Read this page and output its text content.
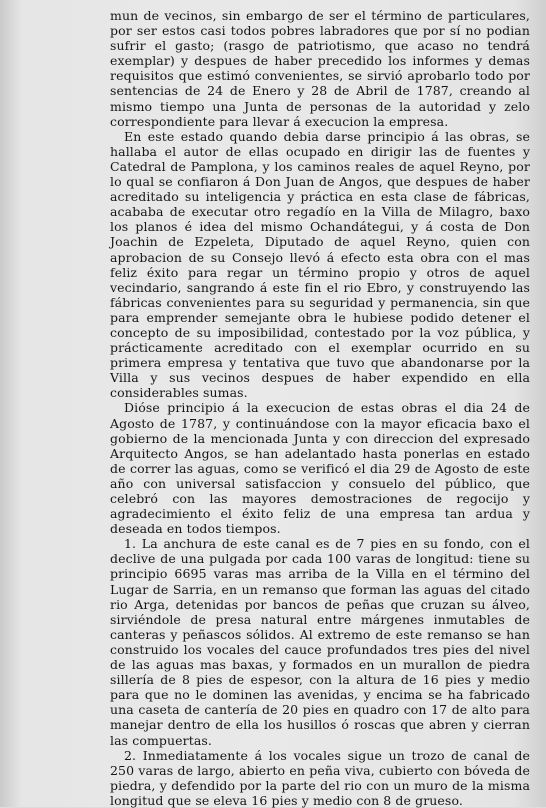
mun de vecinos, sin embargo de ser el término de particulares, por ser estos casi todos pobres labradores que por sí no podian sufrir el gasto; (rasgo de patriotismo, que acaso no tendrá exemplar) y despues de haber precedido los informes y demas requisitos que estimó convenientes, se sirvió aprobarlo todo por sentencias de 24 de Enero y 28 de Abril de 1787, creando al mismo tiempo una Junta de personas de la autoridad y zelo correspondiente para llevar á execucion la empresa.

En este estado quando debia darse principio á las obras, se hallaba el autor de ellas ocupado en dirigir las de fuentes y Catedral de Pamplona, y los caminos reales de aquel Reyno, por lo qual se confiaron á Don Juan de Angos, que despues de haber acreditado su inteligencia y práctica en esta clase de fábricas, acababa de executar otro regadío en la Villa de Milagro, baxo los planos é idea del mismo Ochandátegui, y á costa de Don Joachin de Ezpeleta, Diputado de aquel Reyno, quien con aprobacion de su Consejo llevó á efecto esta obra con el mas feliz éxito para regar un término propio y otros de aquel vecindario, sangrando á este fin el rio Ebro, y construyendo las fábricas convenientes para su seguridad y permanencia, sin que para emprender semejante obra le hubiese podido detener el concepto de su imposibilidad, contestado por la voz pública, y prácticamente acreditado con el exemplar ocurrido en su primera empresa y tentativa que tuvo que abandonarse por la Villa y sus vecinos despues de haber expendido en ella considerables sumas.

Dióse principio á la execucion de estas obras el dia 24 de Agosto de 1787, y continuándose con la mayor eficacia baxo el gobierno de la mencionada Junta y con direccion del expresado Arquitecto Angos, se han adelantado hasta ponerlas en estado de correr las aguas, como se verificó el dia 29 de Agosto de este año con universal satisfaccion y consuelo del público, que celebró con las mayores demostraciones de regocijo y agradecimiento el éxito feliz de una empresa tan ardua y deseada en todos tiempos.

1. La anchura de este canal es de 7 pies en su fondo, con el declive de una pulgada por cada 100 varas de longitud: tiene su principio 6695 varas mas arriba de la Villa en el término del Lugar de Sarria, en un remanso que forman las aguas del citado rio Arga, detenidas por bancos de peñas que cruzan su álveo, sirviéndole de presa natural entre márgenes inmutables de canteras y peñascos sólidos. Al extremo de este remanso se han construido los vocales del cauce profundados tres pies del nivel de las aguas mas baxas, y formados en un murallon de piedra sillería de 8 pies de espesor, con la altura de 16 pies y medio para que no le dominen las avenidas, y encima se ha fabricado una caseta de cantería de 20 pies en quadro con 17 de alto para manejar dentro de ella los husillos ó roscas que abren y cierran las compuertas.

2. Inmediatamente á los vocales sigue un trozo de canal de 250 varas de largo, abierto en peña viva, cubierto con bóveda de piedra, y defendido por la parte del rio con un muro de la misma longitud que se eleva 16 pies y medio con 8 de grueso.
